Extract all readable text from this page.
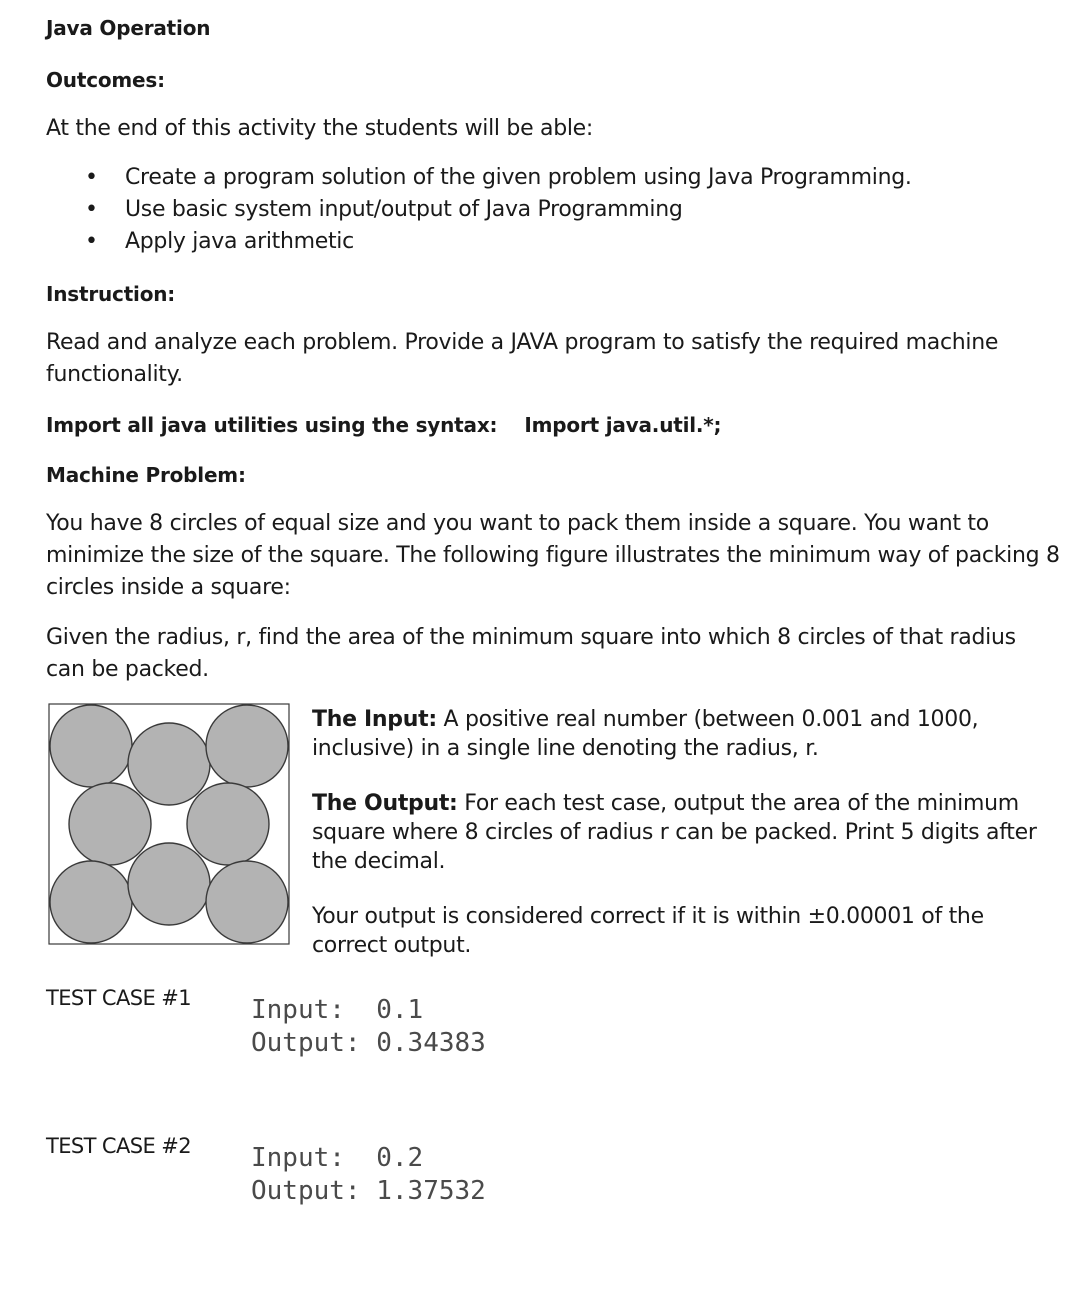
Java Operation
Outcomes:
At the end of this activity the students will be able:
• Create a program solution of the given problem using Java Programming.
• Use basic system input/output of Java Programming
• Apply java arithmetic
Instruction:
Read and analyze each problem. Provide a JAVA program to satisfy the required machine functionality.
Import all java utilities using the syntax:    Import java.util.*;
Machine Problem:
You have 8 circles of equal size and you want to pack them inside a square. You want to minimize the size of the square. The following figure illustrates the minimum way of packing 8 circles inside a square:
Given the radius, r, find the area of the minimum square into which 8 circles of that radius can be packed.
The Input: A positive real number (between 0.001 and 1000, inclusive) in a single line denoting the radius, r.
The Output: For each test case, output the area of the minimum square where 8 circles of radius r can be packed. Print 5 digits after the decimal.
Your output is considered correct if it is within ±0.00001 of the correct output.
TEST CASE #1 Input: 0.1
Output: 0.34383
TEST CASE #2 Input: 0.2
Output: 1.37532
